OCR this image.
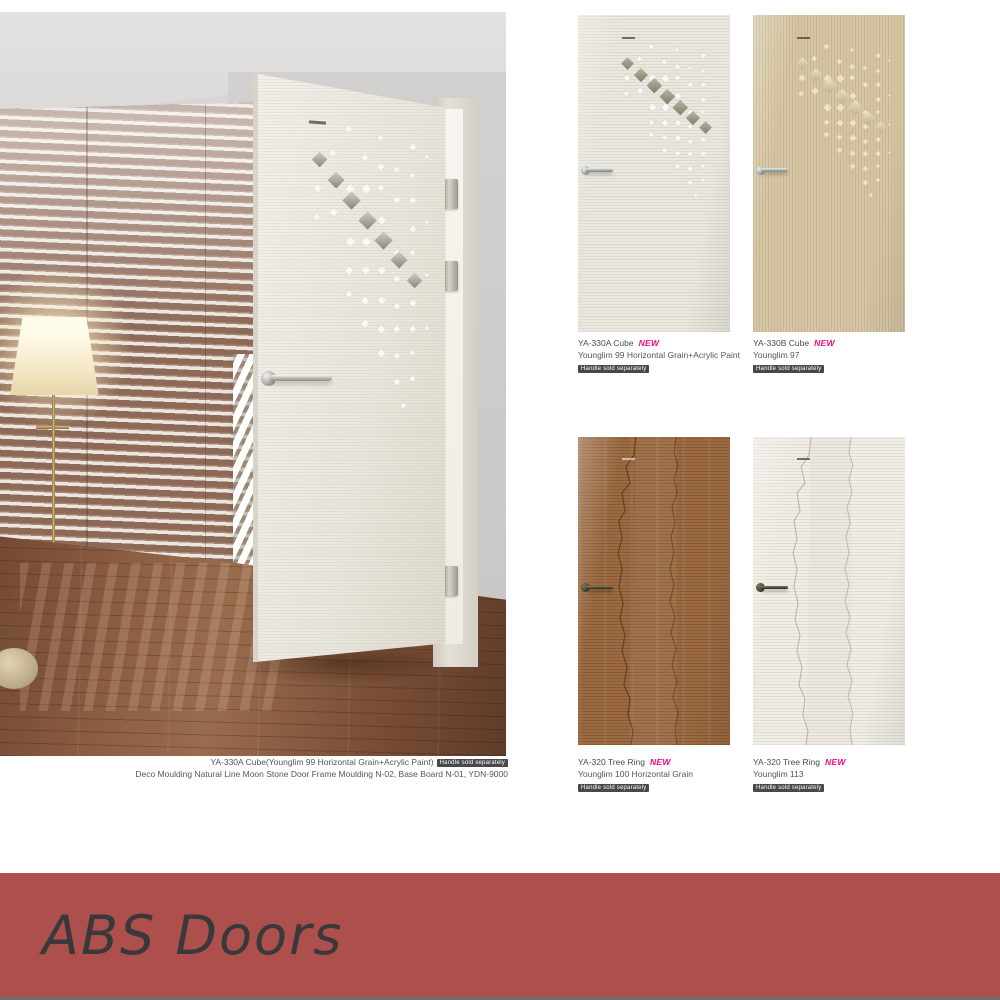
YA-330A Cube(Younglim 99 Horizontal Grain+Acrylic Paint) Handle sold separately
Deco Moulding Natural Line Moon Stone Door Frame Moulding N-02, Base Board N-01, YDN-9000
YA-330A Cube NEW
Younglim 99 Horizontal Grain+Acrylic Paint
Handle sold separately
YA-330B Cube NEW
Younglim 97
Handle sold separately
YA-320 Tree Ring NEW
Younglim 100 Horizontal Grain
Handle sold separately
YA-320 Tree Ring NEW
Younglim 113
Handle sold separately
ABS Doors
